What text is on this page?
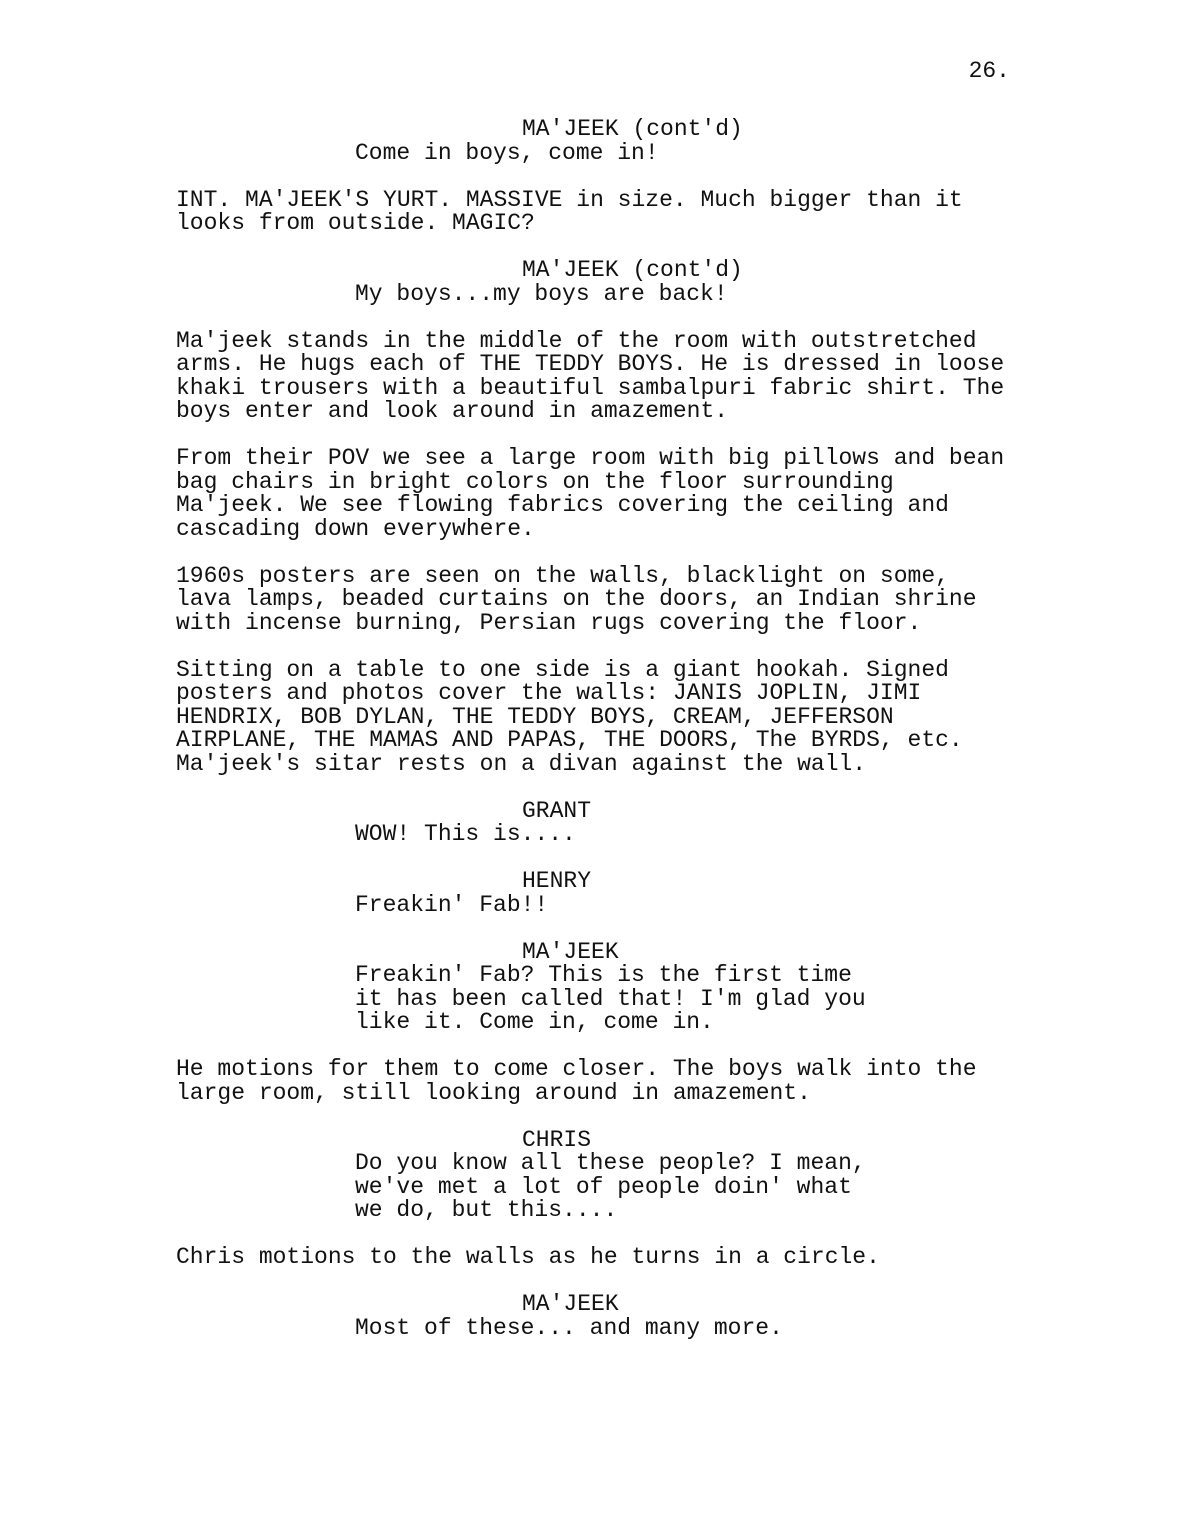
26.
MA'JEEK (cont'd)
Come in boys, come in!
INT. MA'JEEK'S YURT. MASSIVE in size. Much bigger than it
looks from outside. MAGIC?
MA'JEEK (cont'd)
My boys...my boys are back!
Ma'jeek stands in the middle of the room with outstretched
arms. He hugs each of THE TEDDY BOYS. He is dressed in loose
khaki trousers with a beautiful sambalpuri fabric shirt. The
boys enter and look around in amazement.
From their POV we see a large room with big pillows and bean
bag chairs in bright colors on the floor surrounding
Ma'jeek. We see flowing fabrics covering the ceiling and
cascading down everywhere.
1960s posters are seen on the walls, blacklight on some,
lava lamps, beaded curtains on the doors, an Indian shrine
with incense burning, Persian rugs covering the floor.
Sitting on a table to one side is a giant hookah. Signed
posters and photos cover the walls: JANIS JOPLIN, JIMI
HENDRIX, BOB DYLAN, THE TEDDY BOYS, CREAM, JEFFERSON
AIRPLANE, THE MAMAS AND PAPAS, THE DOORS, The BYRDS, etc.
Ma'jeek's sitar rests on a divan against the wall.
GRANT
WOW! This is....
HENRY
Freakin' Fab!!
MA'JEEK
Freakin' Fab? This is the first time
it has been called that! I'm glad you
like it. Come in, come in.
He motions for them to come closer. The boys walk into the
large room, still looking around in amazement.
CHRIS
Do you know all these people? I mean,
we've met a lot of people doin' what
we do, but this....
Chris motions to the walls as he turns in a circle.
MA'JEEK
Most of these... and many more.
